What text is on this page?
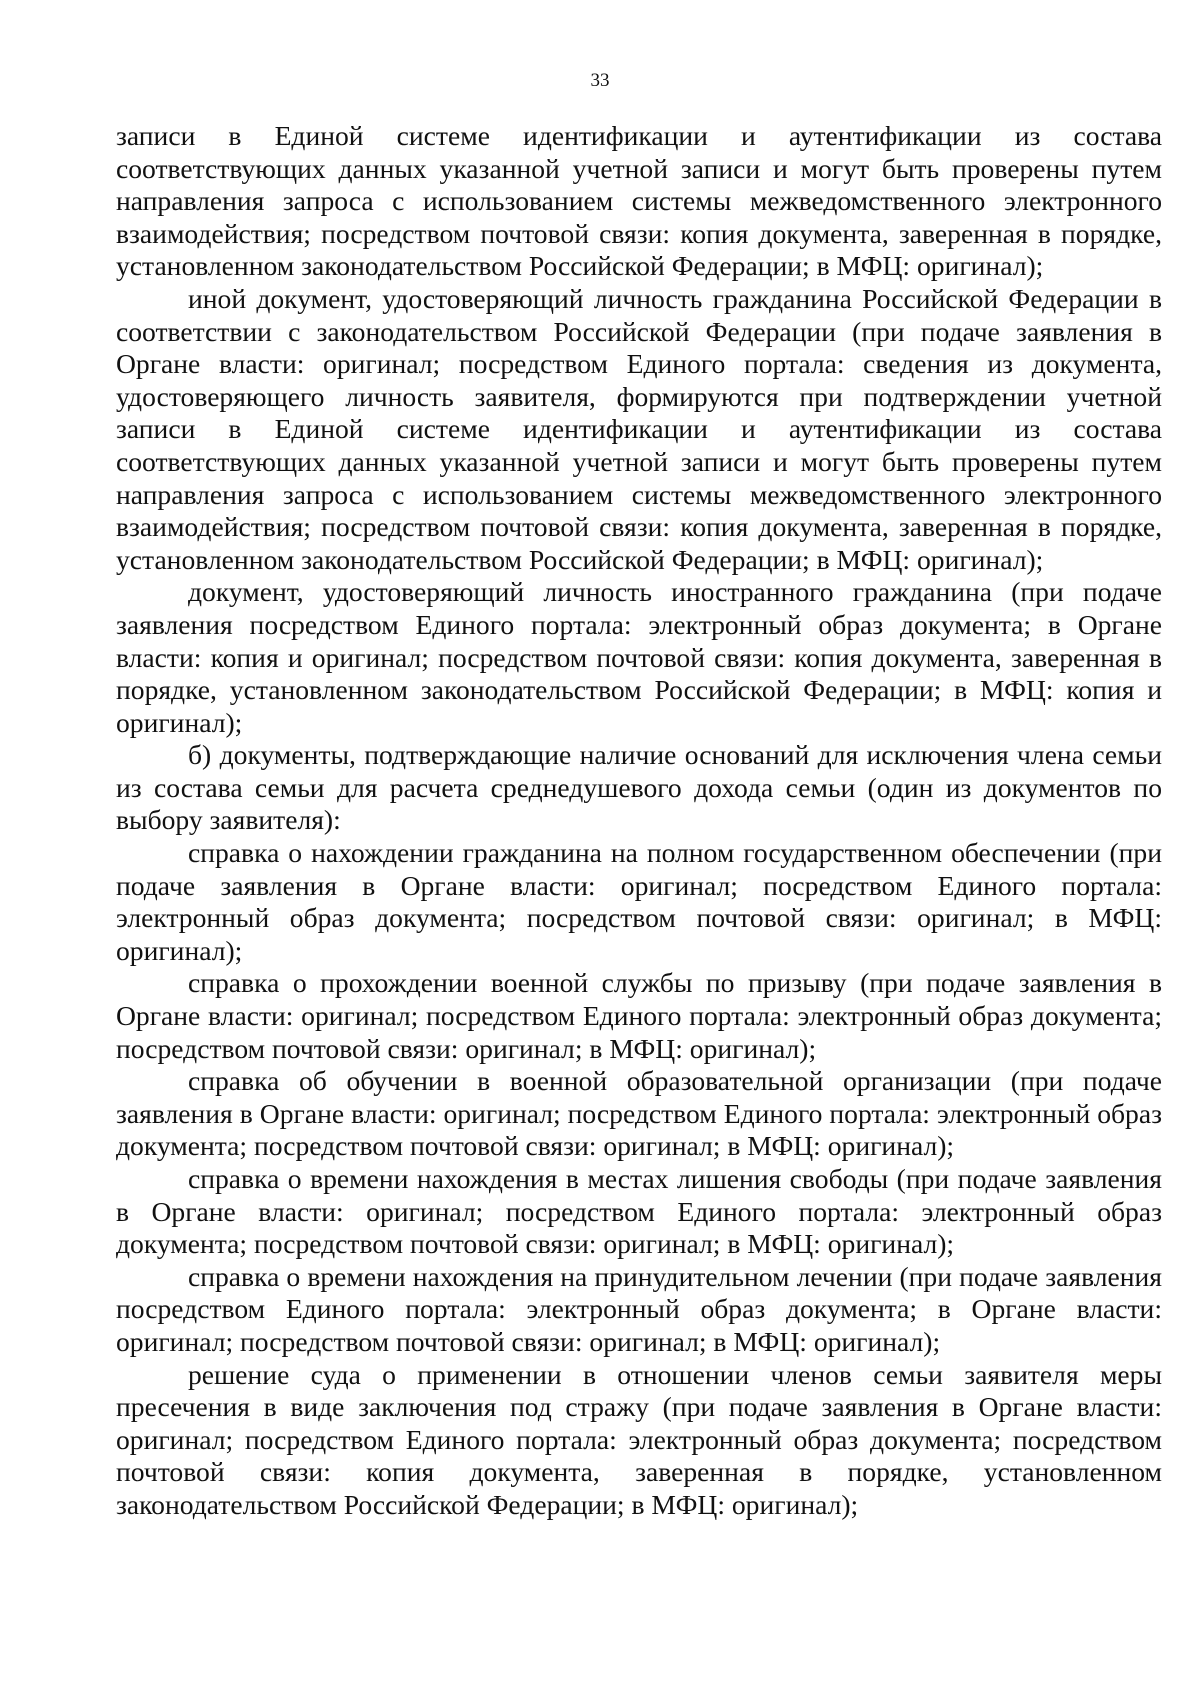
33

записи в Единой системе идентификации и аутентификации из состава соответствующих данных указанной учетной записи и могут быть проверены путем направления запроса с использованием системы межведомственного электронного взаимодействия; посредством почтовой связи: копия документа, заверенная в порядке, установленном законодательством Российской Федерации; в МФЦ: оригинал);

иной документ, удостоверяющий личность гражданина Российской Федерации в соответствии с законодательством Российской Федерации (при подаче заявления в Органе власти: оригинал; посредством Единого портала: сведения из документа, удостоверяющего личность заявителя, формируются при подтверждении учетной записи в Единой системе идентификации и аутентификации из состава соответствующих данных указанной учетной записи и могут быть проверены путем направления запроса с использованием системы межведомственного электронного взаимодействия; посредством почтовой связи: копия документа, заверенная в порядке, установленном законодательством Российской Федерации; в МФЦ: оригинал);

документ, удостоверяющий личность иностранного гражданина (при подаче заявления посредством Единого портала: электронный образ документа; в Органе власти: копия и оригинал; посредством почтовой связи: копия документа, заверенная в порядке, установленном законодательством Российской Федерации; в МФЦ: копия и оригинал);

б) документы, подтверждающие наличие оснований для исключения члена семьи из состава семьи для расчета среднедушевого дохода семьи (один из документов по выбору заявителя):

справка о нахождении гражданина на полном государственном обеспечении (при подаче заявления в Органе власти: оригинал; посредством Единого портала: электронный образ документа; посредством почтовой связи: оригинал; в МФЦ: оригинал);

справка о прохождении военной службы по призыву (при подаче заявления в Органе власти: оригинал; посредством Единого портала: электронный образ документа; посредством почтовой связи: оригинал; в МФЦ: оригинал);

справка об обучении в военной образовательной организации (при подаче заявления в Органе власти: оригинал; посредством Единого портала: электронный образ документа; посредством почтовой связи: оригинал; в МФЦ: оригинал);

справка о времени нахождения в местах лишения свободы (при подаче заявления в Органе власти: оригинал; посредством Единого портала: электронный образ документа; посредством почтовой связи: оригинал; в МФЦ: оригинал);

справка о времени нахождения на принудительном лечении (при подаче заявления посредством Единого портала: электронный образ документа; в Органе власти: оригинал; посредством почтовой связи: оригинал; в МФЦ: оригинал);

решение суда о применении в отношении членов семьи заявителя меры пресечения в виде заключения под стражу (при подаче заявления в Органе власти: оригинал; посредством Единого портала: электронный образ документа; посредством почтовой связи: копия документа, заверенная в порядке, установленном законодательством Российской Федерации; в МФЦ: оригинал);
